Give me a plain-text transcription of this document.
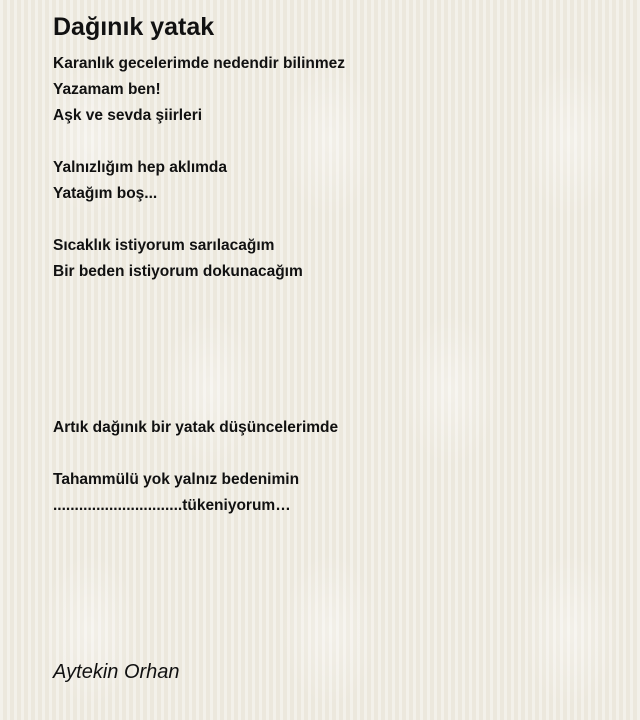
Dağınık yatak
Karanlık gecelerimde nedendir bilinmez
Yazamam ben!
Aşk ve sevda şiirleri
Yalnızlığım hep aklımda
Yatağım boş...
Sıcaklık istiyorum sarılacağım
Bir beden istiyorum dokunacağım
Artık dağınık bir yatak düşüncelerimde
Tahammülü yok yalnız bedenimin
..............................tükeniyorum…
Aytekin Orhan
